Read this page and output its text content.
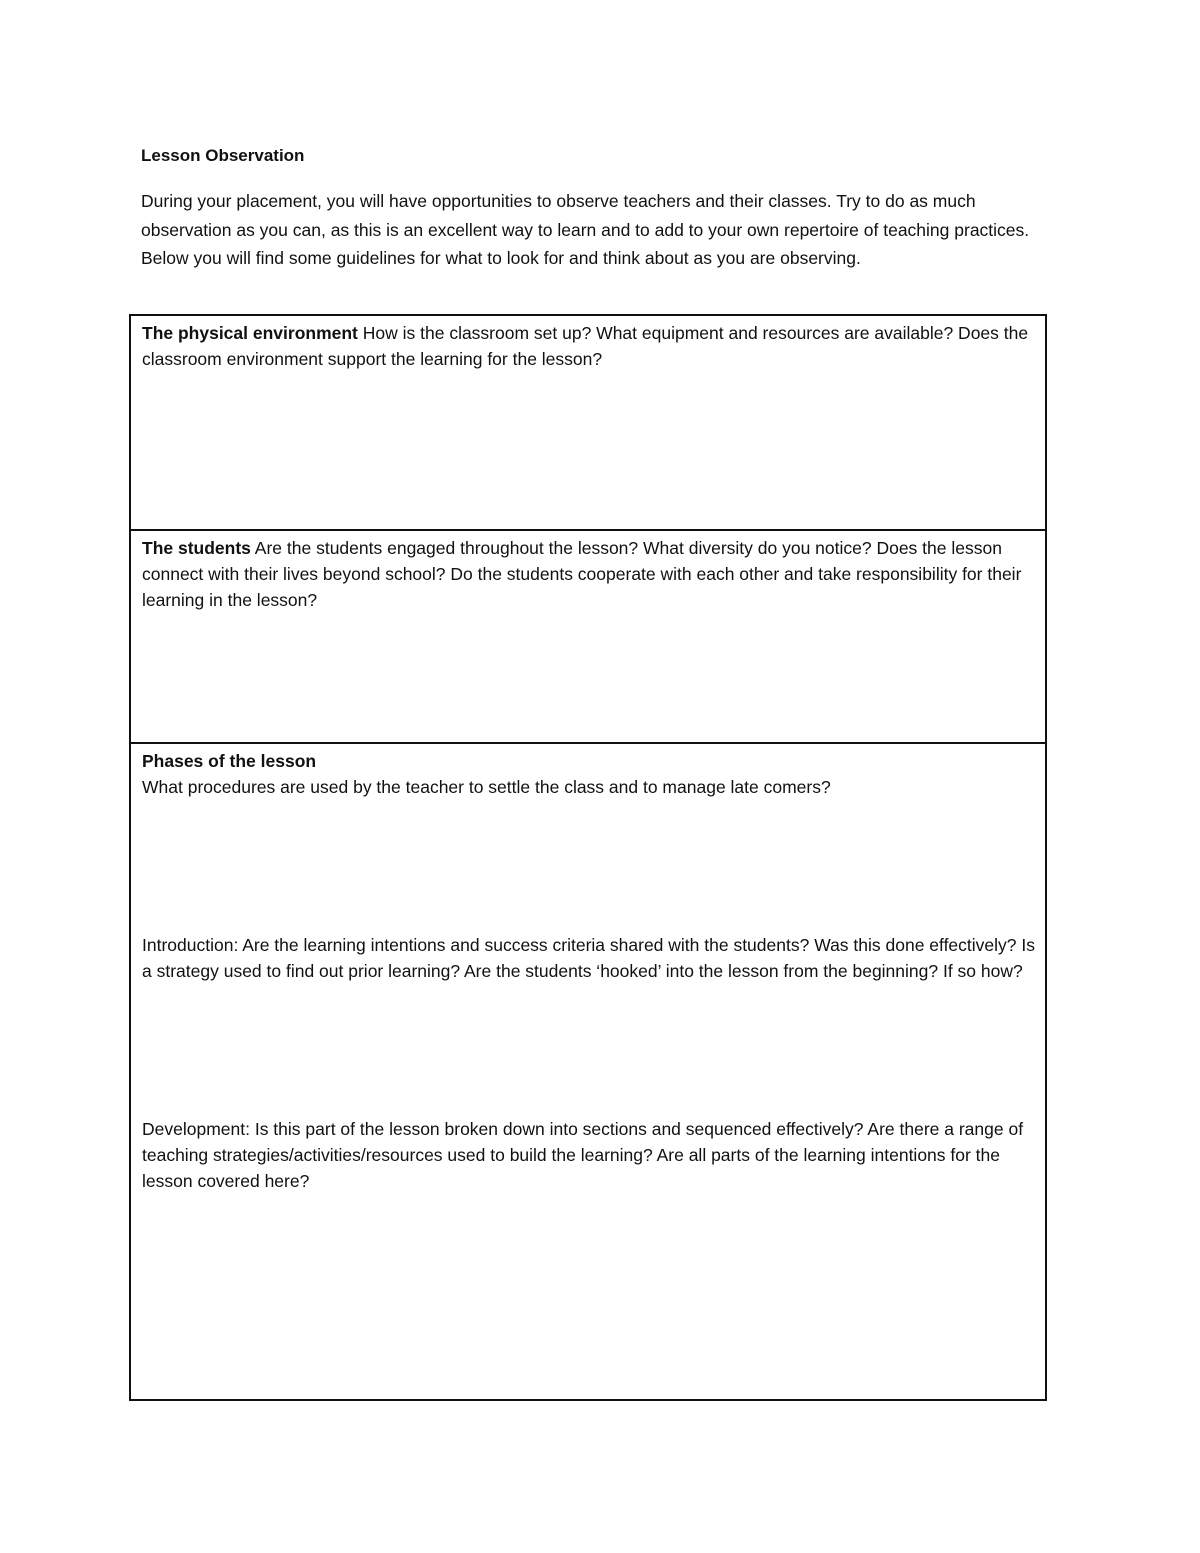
Lesson Observation

During your placement, you will have opportunities to observe teachers and their classes. Try to do as much observation as you can, as this is an excellent way to learn and to add to your own repertoire of teaching practices. Below you will find some guidelines for what to look for and think about as you are observing.

The physical environment How is the classroom set up? What equipment and resources are available? Does the classroom environment support the learning for the lesson?
The students Are the students engaged throughout the lesson? What diversity do you notice? Does the lesson connect with their lives beyond school? Do the students cooperate with each other and take responsibility for their learning in the lesson?
Phases of the lesson

What procedures are used by the teacher to settle the class and to manage late comers?

Introduction: Are the learning intentions and success criteria shared with the students? Was this done effectively? Is a strategy used to find out prior learning? Are the students ‘hooked’ into the lesson from the beginning? If so how?

Development: Is this part of the lesson broken down into sections and sequenced effectively? Are there a range of teaching strategies/activities/resources used to build the learning? Are all parts of the learning intentions for the lesson covered here?
